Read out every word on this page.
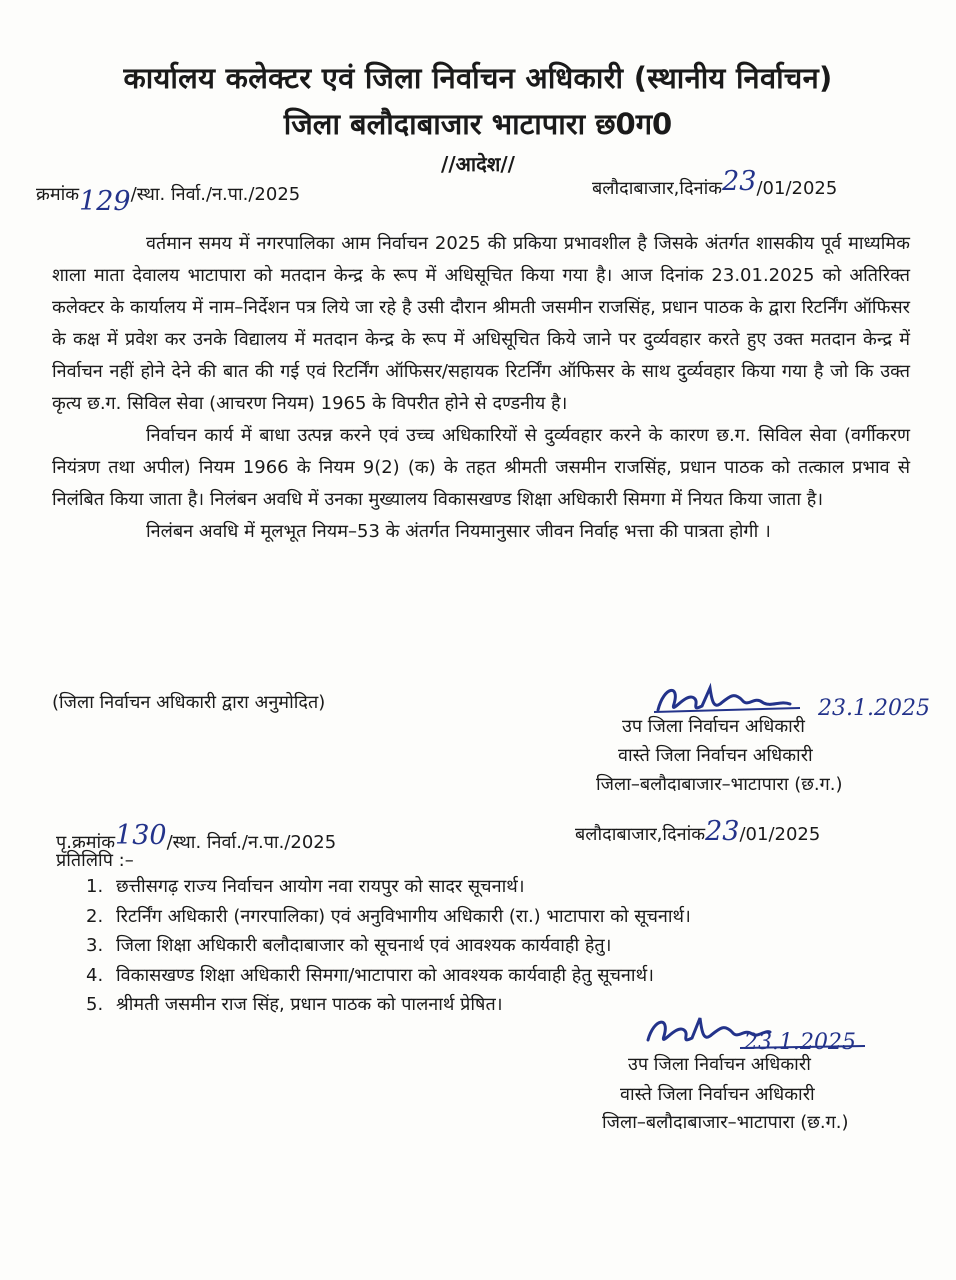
कार्यालय कलेक्टर एवं जिला निर्वाचन अधिकारी (स्थानीय निर्वाचन)
जिला बलौदाबाजार भाटापारा छ0ग0
//आदेश//
क्रमांक129/स्था. निर्वा./न.पा./2025	बलौदाबाजार,दिनांक23/01/2025

वर्तमान समय में नगरपालिका आम निर्वाचन 2025 की प्रकिया प्रभावशील है जिसके अंतर्गत शासकीय पूर्व माध्यमिक शाला माता देवालय भाटापारा को मतदान केन्द्र के रूप में अधिसूचित किया गया है। आज दिनांक 23.01.2025 को अतिरिक्त कलेक्टर के कार्यालय में नाम–निर्देशन पत्र लिये जा रहे है उसी दौरान श्रीमती जसमीन राजसिंह, प्रधान पाठक के द्वारा रिटर्निंग ऑफिसर के कक्ष में प्रवेश कर उनके विद्यालय में मतदान केन्द्र के रूप में अधिसूचित किये जाने पर दुर्व्यवहार करते हुए उक्त मतदान केन्द्र में निर्वाचन नहीं होने देने की बात की गई एवं रिटर्निंग ऑफिसर/सहायक रिटर्निंग ऑफिसर के साथ दुर्व्यवहार किया गया है जो कि उक्त कृत्य छ.ग. सिविल सेवा (आचरण नियम) 1965 के विपरीत होने से दण्डनीय है।

निर्वाचन कार्य में बाधा उत्पन्न करने एवं उच्च अधिकारियों से दुर्व्यवहार करने के कारण छ.ग. सिविल सेवा (वर्गीकरण नियंत्रण तथा अपील) नियम 1966 के नियम 9(2) (क) के तहत श्रीमती जसमीन राजसिंह, प्रधान पाठक को तत्काल प्रभाव से निलंबित किया जाता है। निलंबन अवधि में उनका मुख्यालय विकासखण्ड शिक्षा अधिकारी सिमगा में नियत किया जाता है।

निलंबन अवधि में मूलभूत नियम–53 के अंतर्गत नियमानुसार जीवन निर्वाह भत्ता की पात्रता होगी ।

(जिला निर्वाचन अधिकारी द्वारा अनुमोदित)	23.1.2025
उप जिला निर्वाचन अधिकारी
वास्ते जिला निर्वाचन अधिकारी
जिला–बलौदाबाजार–भाटापारा (छ.ग.)
पृ.क्रमांक130/स्था. निर्वा./न.पा./2025	बलौदाबाजार,दिनांक23/01/2025
प्रतिलिपि :–
1. छत्तीसगढ़ राज्य निर्वाचन आयोग नवा रायपुर को सादर सूचनार्थ।
2. रिटर्निंग अधिकारी (नगरपालिका) एवं अनुविभागीय अधिकारी (रा.) भाटापारा को सूचनार्थ।
3. जिला शिक्षा अधिकारी बलौदाबाजार को सूचनार्थ एवं आवश्यक कार्यवाही हेतु।
4. विकासखण्ड शिक्षा अधिकारी सिमगा/भाटापारा को आवश्यक कार्यवाही हेतु सूचनार्थ।
5. श्रीमती जसमीन राज सिंह, प्रधान पाठक को पालनार्थ प्रेषित।
23.1.2025
उप जिला निर्वाचन अधिकारी
वास्ते जिला निर्वाचन अधिकारी
जिला–बलौदाबाजार–भाटापारा (छ.ग.)
